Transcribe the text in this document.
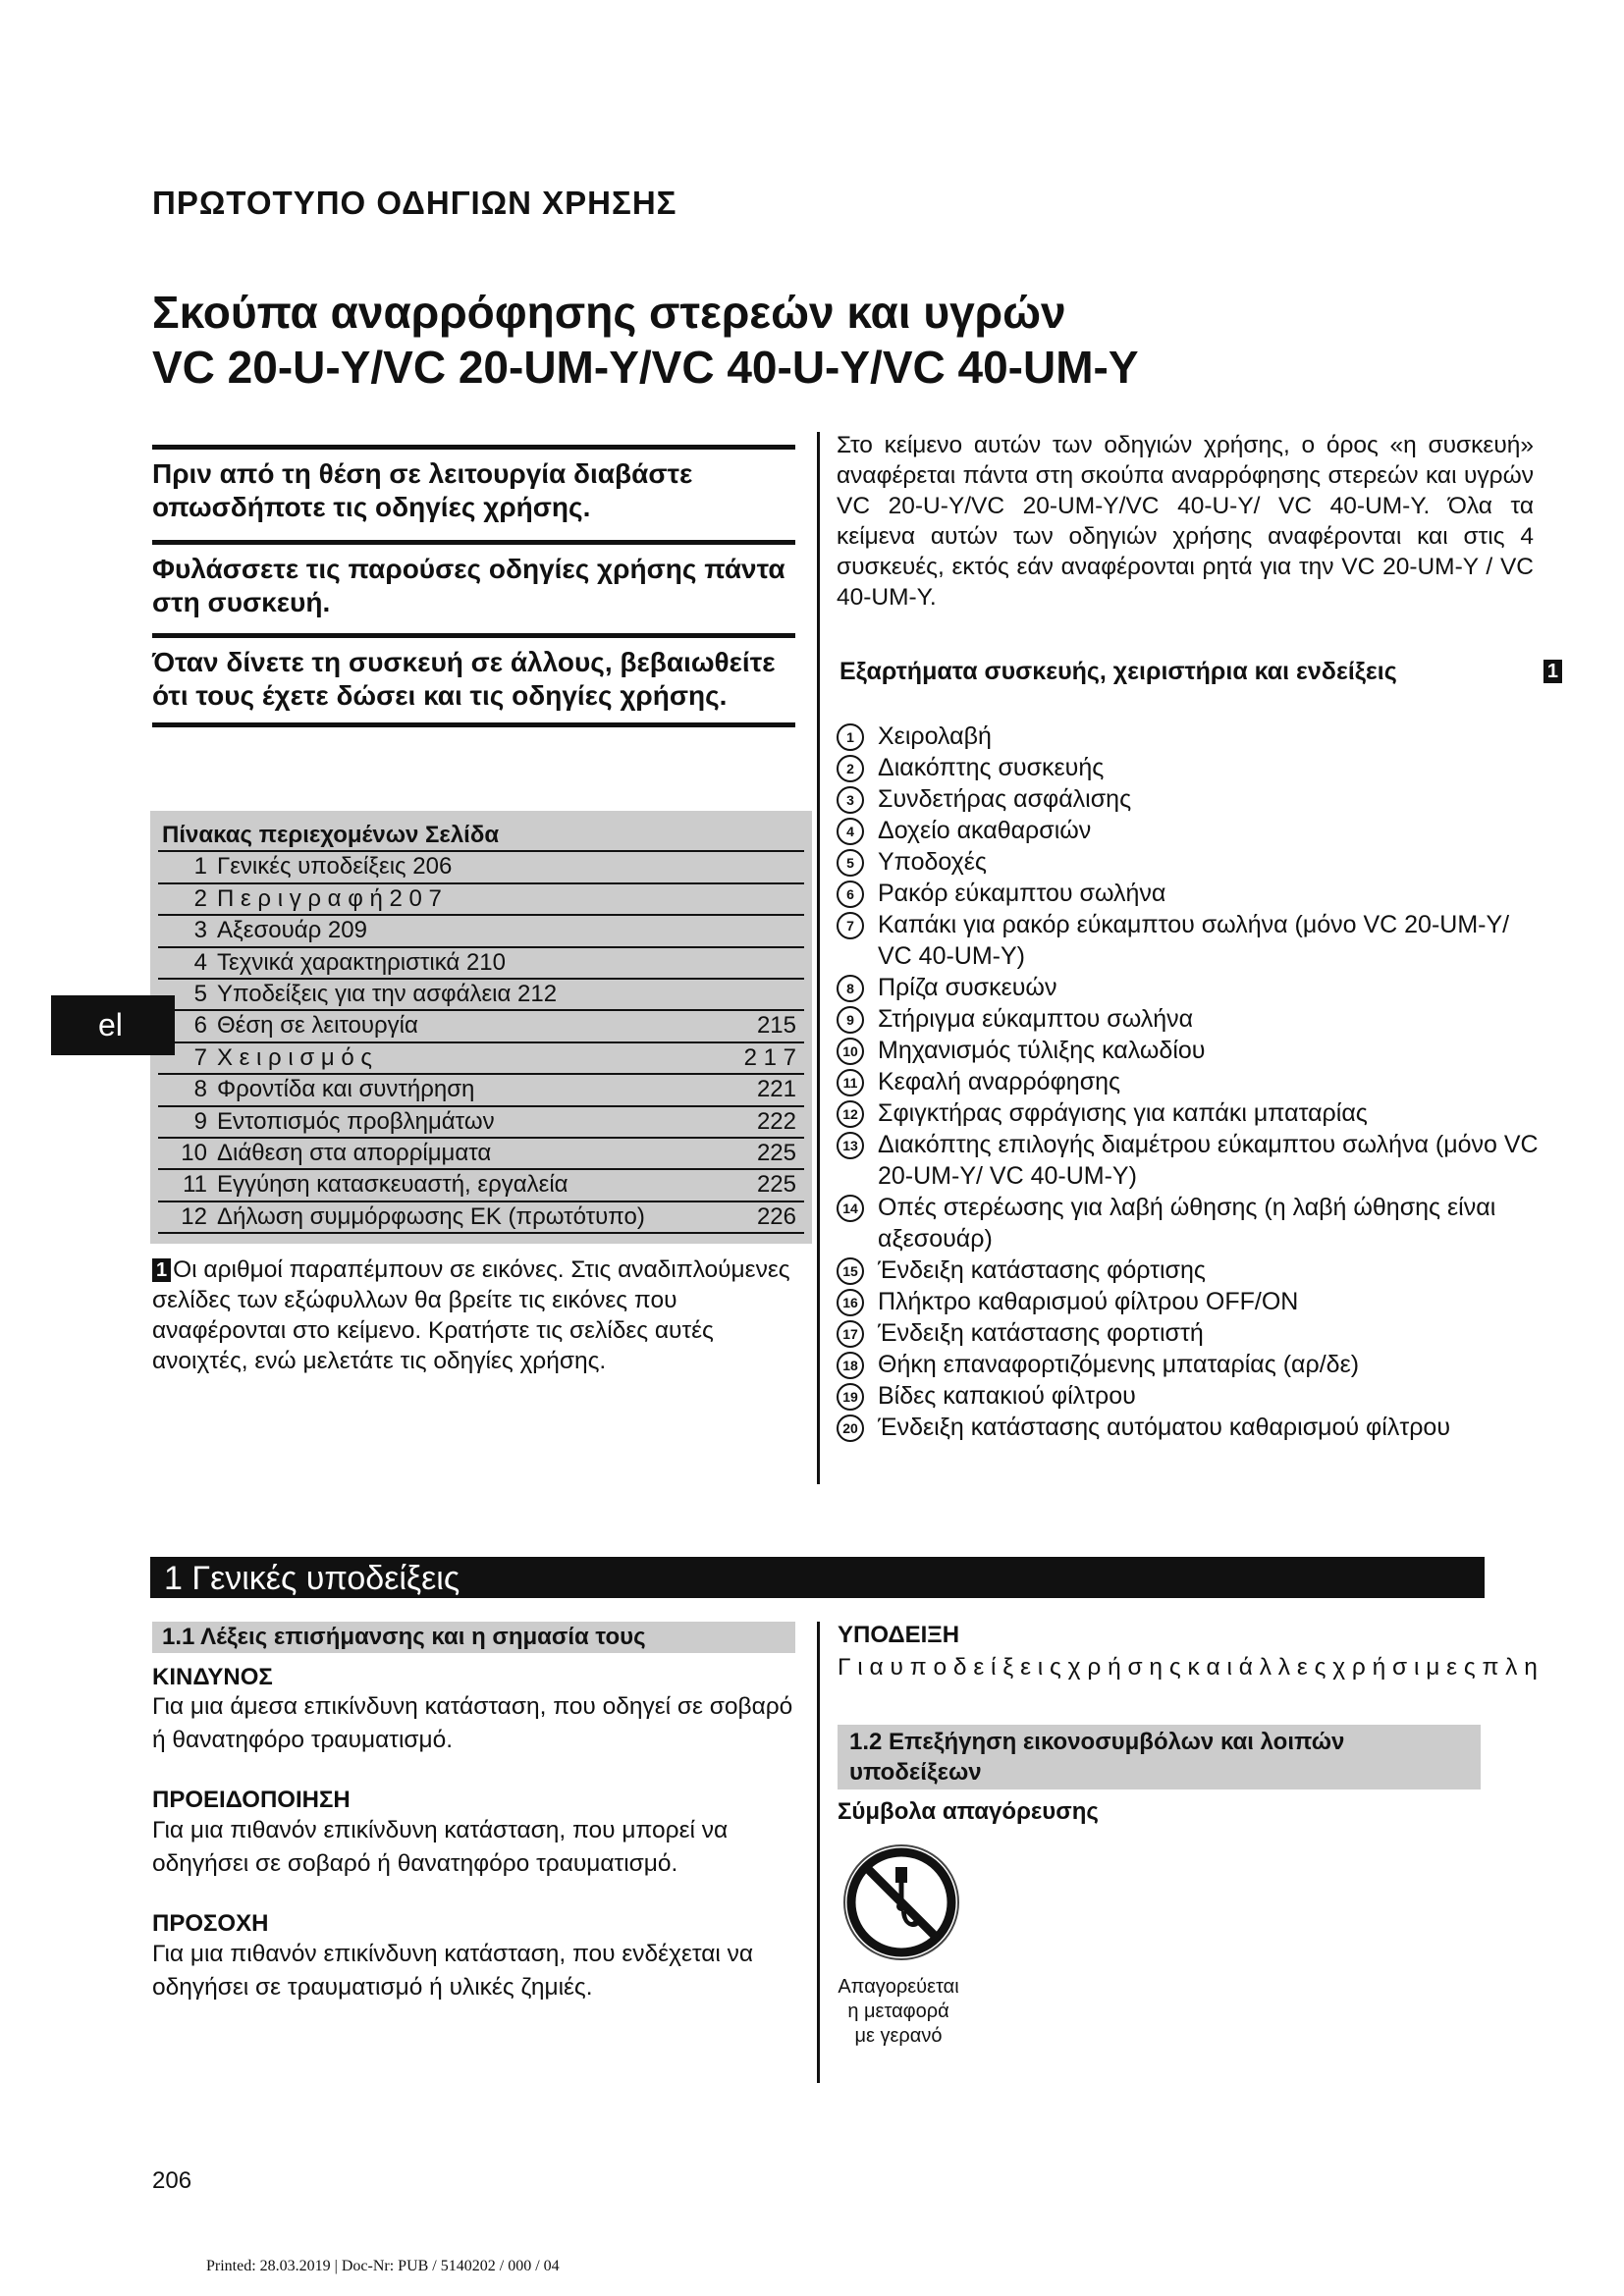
ΠΡΩΤΟΤΥΠΟ ΟΔΗΓΙΩΝ ΧΡΗΣΗΣ
Σκούπα αναρρόφησης στερεών και υγρών
VC 20-U-Y/VC 20-UM-Y/VC 40-U-Y/VC 40-UM-Y
Πριν από τη θέση σε λειτουργία διαβάστε οπωσδήποτε τις οδηγίες χρήσης.
Φυλάσσετε τις παρούσες οδηγίες χρήσης πάντα στη συσκευή.
Όταν δίνετε τη συσκευή σε άλλους, βεβαιωθείτε ότι τους έχετε δώσει και τις οδηγίες χρήσης.
Πίνακας περιεχομένων Σελίδα
1 Γενικές υποδείξεις 206
2 Π ε ρ ι γ ρ α φ ή 2 0 7
3 Αξεσουάρ 209
4 Τεχνικά χαρακτηριστικά 210
5 Υποδείξεις για την ασφάλεια 212
6 Θέση σε λειτουργία	215
7 Χ ε ι ρ ι σ μ ό ς	2 1 7
8 Φροντίδα και συντήρηση	221
9 Εντοπισμός προβλημάτων	222
10 Διάθεση στα απορρίμματα	225
11 Εγγύηση κατασκευαστή, εργαλεία	225
12 Δήλωση συμμόρφωσης ΕΚ (πρωτότυπο)	226
el
1 Οι αριθμοί παραπέμπουν σε εικόνες. Στις αναδιπλούμενες σελίδες των εξώφυλλων θα βρείτε τις εικόνες που αναφέρονται στο κείμενο. Κρατήστε τις σελίδες αυτές ανοιχτές, ενώ μελετάτε τις οδηγίες χρήσης.
Στο κείμενο αυτών των οδηγιών χρήσης, ο όρος «η συσκευή» αναφέρεται πάντα στη σκούπα αναρρόφησης στερεών και υγρών VC 20-U-Y/VC 20-UM-Y/VC 40-U-Y/ VC 40-UM-Y. Όλα τα κείμενα αυτών των οδηγιών χρήσης αναφέρονται και στις 4 συσκευές, εκτός εάν αναφέρονται ρητά για την VC 20-UM-Y / VC 40-UM-Y.
Εξαρτήματα συσκευής, χειριστήρια και ενδείξεις	1
1 Χειρολαβή
2 Διακόπτης συσκευής
3 Συνδετήρας ασφάλισης
4 Δοχείο ακαθαρσιών
5 Υποδοχές
6 Ρακόρ εύκαμπτου σωλήνα
7 Καπάκι για ρακόρ εύκαμπτου σωλήνα (μόνο VC 20-UM-Y/ VC 40-UM-Y)
8 Πρίζα συσκευών
9 Στήριγμα εύκαμπτου σωλήνα
10 Μηχανισμός τύλιξης καλωδίου
11 Κεφαλή αναρρόφησης
12 Σφιγκτήρας σφράγισης για καπάκι μπαταρίας
13 Διακόπτης επιλογής διαμέτρου εύκαμπτου σωλήνα (μόνο VC 20-UM-Y/ VC 40-UM-Y)
14 Οπές στερέωσης για λαβή ώθησης (η λαβή ώθησης είναι αξεσουάρ)
15 Ένδειξη κατάστασης φόρτισης
16 Πλήκτρο καθαρισμού φίλτρου OFF/ON
17 Ένδειξη κατάστασης φορτιστή
18 Θήκη επαναφορτιζόμενης μπαταρίας (αρ/δε)
19 Βίδες καπακιού φίλτρου
20 Ένδειξη κατάστασης αυτόματου καθαρισμού φίλτρου
1 Γενικές υποδείξεις
1.1 Λέξεις επισήμανσης και η σημασία τους
ΚΙΝΔΥΝΟΣ
Για μια άμεσα επικίνδυνη κατάσταση, που οδηγεί σε σοβαρό ή θανατηφόρο τραυματισμό.
ΠΡΟΕΙΔΟΠΟΙΗΣΗ
Για μια πιθανόν επικίνδυνη κατάσταση, που μπορεί να οδηγήσει σε σοβαρό ή θανατηφόρο τραυματισμό.
ΠΡΟΣΟΧΗ
Για μια πιθανόν επικίνδυνη κατάσταση, που ενδέχεται να οδηγήσει σε τραυματισμό ή υλικές ζημιές.
ΥΠΟΔΕΙΞΗ
Γ ι α υ π ο δ ε ί ξ ε ι ς χ ρ ή σ η ς κ α ι ά λ λ ε ς χ ρ ή σ ι μ ε ς π λ η
1.2 Επεξήγηση εικονοσυμβόλων και λοιπών υποδείξεων
Σύμβολα απαγόρευσης
Απαγορεύεται η μεταφορά με γερανό
206
Printed: 28.03.2019 | Doc-Nr: PUB / 5140202 / 000 / 04
